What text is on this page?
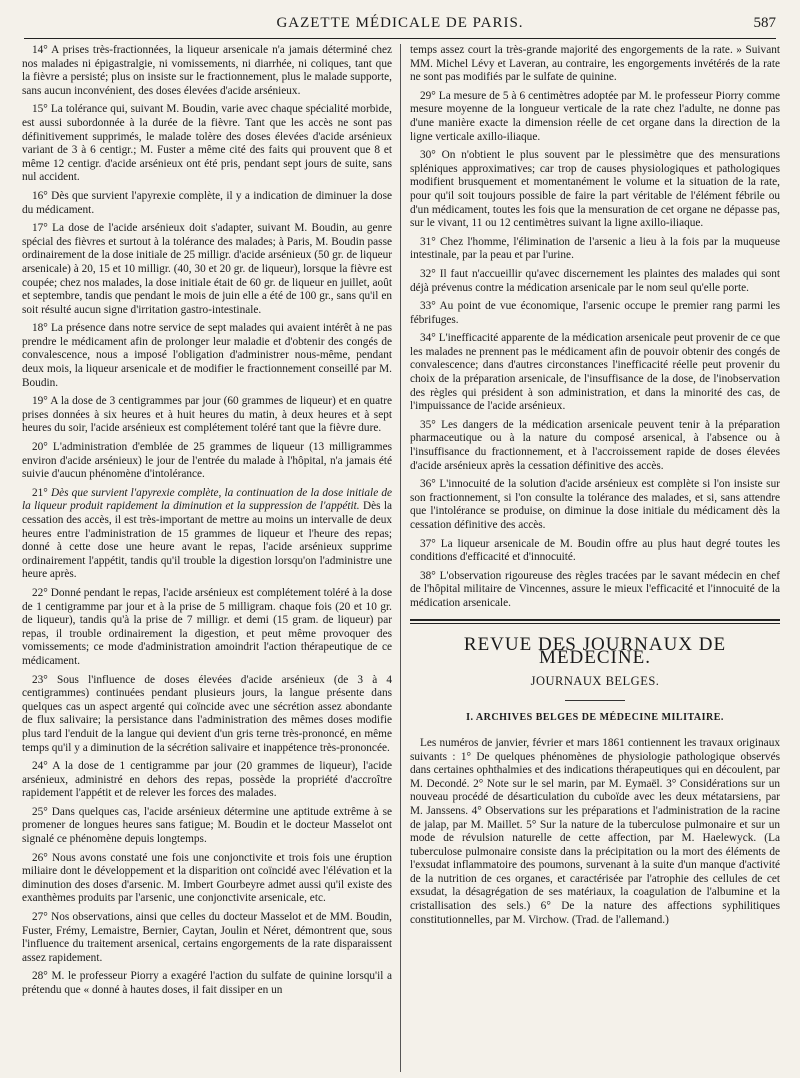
GAZETTE MÉDICALE DE PARIS.	587

14° A prises très-fractionnées, la liqueur arsenicale n'a jamais déterminé chez nos malades ni épigastralgie, ni vomissements, ni diarrhée, ni coliques, tant que la fièvre a persisté; plus on insiste sur le fractionnement, plus le malade supporte, sans aucun inconvénient, des doses élevées d'acide arsénieux.

15° La tolérance qui, suivant M. Boudin, varie avec chaque spécialité morbide, est aussi subordonnée à la durée de la fièvre. Tant que les accès ne sont pas définitivement supprimés, le malade tolère des doses élevées d'acide arsénieux variant de 3 à 6 centigr.; M. Fuster a même cité des faits qui prouvent que 8 et même 12 centigr. d'acide arsénieux ont été pris, pendant sept jours de suite, sans nul accident.

16° Dès que survient l'apyrexie complète, il y a indication de diminuer la dose du médicament.

17° La dose de l'acide arsénieux doit s'adapter, suivant M. Boudin, au genre spécial des fièvres et surtout à la tolérance des malades; à Paris, M. Boudin passe ordinairement de la dose initiale de 25 milligr. d'acide arsénieux (50 gr. de liqueur arsenicale) à 20, 15 et 10 milligr. (40, 30 et 20 gr. de liqueur), lorsque la fièvre est coupée; chez nos malades, la dose initiale était de 60 gr. de liqueur en juillet, août et septembre, tandis que pendant le mois de juin elle a été de 100 gr., sans qu'il en soit résulté aucun signe d'irritation gastro-intestinale.

18° La présence dans notre service de sept malades qui avaient intérêt à ne pas prendre le médicament afin de prolonger leur maladie et d'obtenir des congés de convalescence, nous a imposé l'obligation d'administrer nous-même, pendant deux mois, la liqueur arsenicale et de modifier le fractionnement conseillé par M. Boudin.

19° A la dose de 3 centigrammes par jour (60 grammes de liqueur) et en quatre prises données à six heures et à huit heures du matin, à deux heures et à sept heures du soir, l'acide arsénieux est complétement toléré tant que la fièvre dure.

20° L'administration d'emblée de 25 grammes de liqueur (13 milligrammes environ d'acide arsénieux) le jour de l'entrée du malade à l'hôpital, n'a jamais été suivie d'aucun phénomène d'intolérance.

21° Dès que survient l'apyrexie complète, la continuation de la dose initiale de la liqueur produit rapidement la diminution et la suppression de l'appétit. Dès la cessation des accès, il est très-important de mettre au moins un intervalle de deux heures entre l'administration de 15 grammes de liqueur et l'heure des repas; donné à cette dose une heure avant le repas, l'acide arsénieux supprime ordinairement l'appétit, tandis qu'il trouble la digestion lorsqu'on l'administre une heure après.

22° Donné pendant le repas, l'acide arsénieux est complétement toléré à la dose de 1 centigramme par jour et à la prise de 5 milligram. chaque fois (20 et 10 gr. de liqueur), tandis qu'à la prise de 7 milligr. et demi (15 gram. de liqueur) par repas, il trouble ordinairement la digestion, et peut même provoquer des vomissements; ce mode d'administration amoindrit l'action thérapeutique de ce médicament.

23° Sous l'influence de doses élevées d'acide arsénieux (de 3 à 4 centigrammes) continuées pendant plusieurs jours, la langue présente dans quelques cas un aspect argenté qui coïncide avec une sécrétion assez abondante de flux salivaire; la persistance dans l'administration des mêmes doses modifie plus tard l'enduit de la langue qui devient d'un gris terne très-prononcé, en même temps qu'il y a diminution de la sécrétion salivaire et inappétence très-prononcée.

24° A la dose de 1 centigramme par jour (20 grammes de liqueur), l'acide arsénieux, administré en dehors des repas, possède la propriété d'accroître rapidement l'appétit et de relever les forces des malades.

25° Dans quelques cas, l'acide arsénieux détermine une aptitude extrême à se promener de longues heures sans fatigue; M. Boudin et le docteur Masselot ont signalé ce phénomène depuis longtemps.

26° Nous avons constaté une fois une conjonctivite et trois fois une éruption miliaire dont le développement et la disparition ont coïncidé avec l'élévation et la diminution des doses d'arsenic. M. Imbert Gourbeyre admet aussi qu'il existe des exanthèmes produits par l'arsenic, une conjonctivite arsenicale, etc.

27° Nos observations, ainsi que celles du docteur Masselot et de MM. Boudin, Fuster, Frémy, Lemaistre, Bernier, Caytan, Joulin et Néret, démontrent que, sous l'influence du traitement arsenical, certains engorgements de la rate disparaissent assez rapidement.

28° M. le professeur Piorry a exagéré l'action du sulfate de quinine lorsqu'il a prétendu que « donné à hautes doses, il fait dissiper en un

temps assez court la très-grande majorité des engorgements de la rate. » Suivant MM. Michel Lévy et Laveran, au contraire, les engorgements invétérés de la rate ne sont pas modifiés par le sulfate de quinine.

29° La mesure de 5 à 6 centimètres adoptée par M. le professeur Piorry comme mesure moyenne de la longueur verticale de la rate chez l'adulte, ne donne pas d'une manière exacte la dimension réelle de cet organe dans la direction de la ligne verticale axillo-iliaque.

30° On n'obtient le plus souvent par le plessimètre que des mensurations spléniques approximatives; car trop de causes physiologiques et pathologiques modifient brusquement et momentanément le volume et la situation de la rate, pour qu'il soit toujours possible de faire la part véritable de l'élément fébrile ou d'un médicament, toutes les fois que la mensuration de cet organe ne dépasse pas, sur le vivant, 11 ou 12 centimètres suivant la ligne axillo-iliaque.

31° Chez l'homme, l'élimination de l'arsenic a lieu à la fois par la muqueuse intestinale, par la peau et par l'urine.

32° Il faut n'accueillir qu'avec discernement les plaintes des malades qui sont déjà prévenus contre la médication arsenicale par le nom seul qu'elle porte.

33° Au point de vue économique, l'arsenic occupe le premier rang parmi les fébrifuges.

34° L'inefficacité apparente de la médication arsenicale peut provenir de ce que les malades ne prennent pas le médicament afin de pouvoir obtenir des congés de convalescence; dans d'autres circonstances l'inefficacité réelle peut provenir du choix de la préparation arsenicale, de l'insuffisance de la dose, de l'inobservation des règles qui président à son administration, et dans la minorité des cas, de l'impuissance de l'acide arsénieux.

35° Les dangers de la médication arsenicale peuvent tenir à la préparation pharmaceutique ou à la nature du composé arsenical, à l'absence ou à l'insuffisance du fractionnement, et à l'accroissement rapide de doses élevées d'acide arsénieux après la cessation définitive des accès.

36° L'innocuité de la solution d'acide arsénieux est complète si l'on insiste sur son fractionnement, si l'on consulte la tolérance des malades, et si, sans attendre que l'intolérance se produise, on diminue la dose initiale du médicament dès la cessation définitive des accès.

37° La liqueur arsenicale de M. Boudin offre au plus haut degré toutes les conditions d'efficacité et d'innocuité.

38° L'observation rigoureuse des règles tracées par le savant médecin en chef de l'hôpital militaire de Vincennes, assure le mieux l'efficacité et l'innocuité de la médication arsenicale.

REVUE DES JOURNAUX DE MÉDECINE.
JOURNAUX BELGES.
I. ARCHIVES BELGES DE MÉDECINE MILITAIRE.

Les numéros de janvier, février et mars 1861 contiennent les travaux originaux suivants : 1° De quelques phénomènes de physiologie pathologique observés dans certaines ophthalmies et des indications thérapeutiques qui en découlent, par M. Decondé. 2° Note sur le sel marin, par M. Eymaël. 3° Considérations sur un nouveau procédé de désarticulation du cuboïde avec les deux métatarsiens, par M. Janssens. 4° Observations sur les préparations et l'administration de la racine de jalap, par M. Maillet. 5° Sur la nature de la tuberculose pulmonaire et sur un mode de révulsion naturelle de cette affection, par M. Haelewyck. (La tuberculose pulmonaire consiste dans la précipitation ou la mort des éléments de l'exsudat inflammatoire des poumons, survenant à la suite d'un manque d'activité de la nutrition de ces organes, et caractérisée par l'atrophie des cellules de cet exsudat, la désagrégation de ses matériaux, la coagulation de l'albumine et la cristallisation des sels.) 6° De la nature des affections syphilitiques constitutionnelles, par M. Virchow. (Trad. de l'allemand.)
